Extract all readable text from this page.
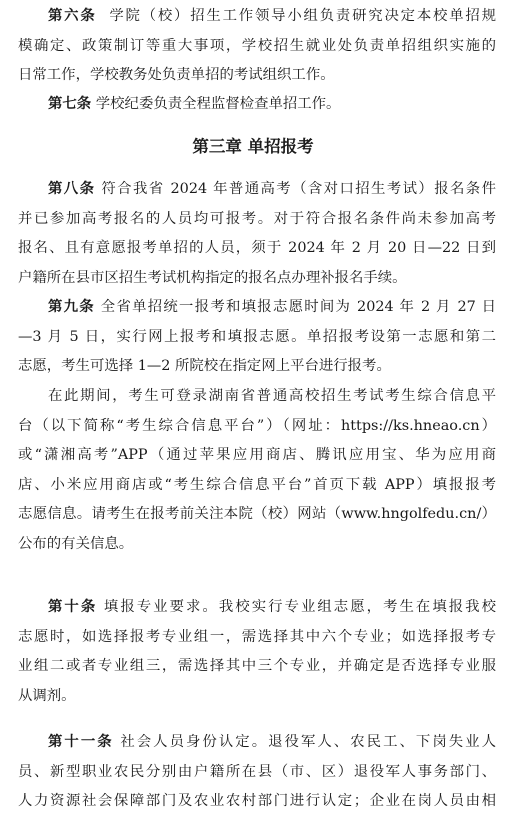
第六条 学院（校）招生工作领导小组负责研究决定本校单招规
模确定、政策制订等重大事项，学校招生就业处负责单招组织实施的
日常工作，学校教务处负责单招的考试组织工作。
第七条 学校纪委负责全程监督检查单招工作。
第三章 单招报考
第八条 符合我省 2024 年普通高考（含对口招生考试）报名条件
并已参加高考报名的人员均可报考。对于符合报名条件尚未参加高考
报名、且有意愿报考单招的人员，须于 2024 年 2 月 20 日—22 日到
户籍所在县市区招生考试机构指定的报名点办理补报名手续。
第九条 全省单招统一报考和填报志愿时间为 2024 年 2 月 27 日
—3 月 5 日，实行网上报考和填报志愿。单招报考设第一志愿和第二
志愿，考生可选择 1—2 所院校在指定网上平台进行报考。
在此期间，考生可登录湖南省普通高校招生考试考生综合信息平
台（以下简称“考生综合信息平台”）（网址：https://ks.hneao.cn）
或“潇湘高考”APP（通过苹果应用商店、腾讯应用宝、华为应用商
店、小米应用商店或“考生综合信息平台”首页下载 APP）填报报考
志愿信息。请考生在报考前关注本院（校）网站（www.hngolfedu.cn/）
公布的有关信息。
第十条 填报专业要求。我校实行专业组志愿，考生在填报我校
志愿时，如选择报考专业组一，需选择其中六个专业；如选择报考专
业组二或者专业组三，需选择其中三个专业，并确定是否选择专业服
从调剂。
第十一条 社会人员身份认定。退役军人、农民工、下岗失业人
员、新型职业农民分别由户籍所在县（市、区）退役军人事务部门、
人力资源社会保障部门及农业农村部门进行认定；企业在岗人员由相
